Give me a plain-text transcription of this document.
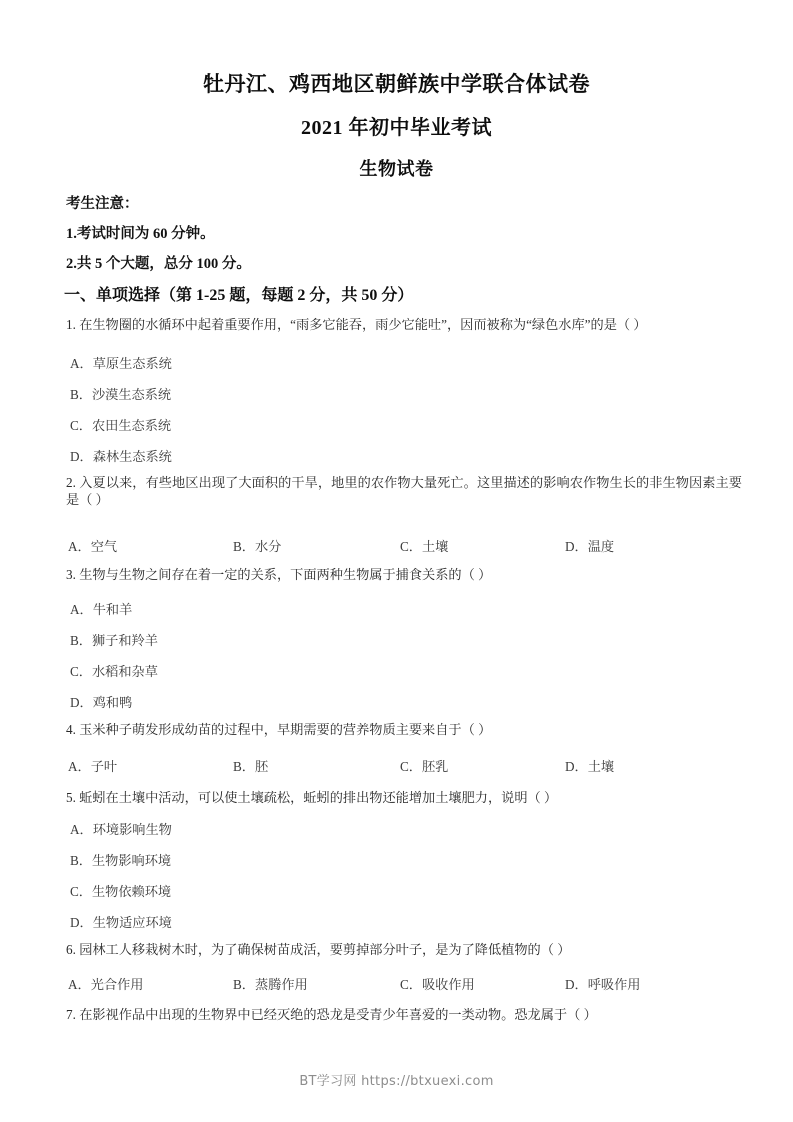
牡丹江、鸡西地区朝鲜族中学联合体试卷
2021 年初中毕业考试
生物试卷
考生注意：
1.考试时间为 60 分钟。
2.共 5 个大题，总分 100 分。
一、单项选择（第 1-25 题，每题 2 分，共 50 分）
1. 在生物圈的水循环中起着重要作用，“雨多它能吞，雨少它能吐”，因而被称为“绿色水库”的是（ ）
A．草原生态系统
B．沙漠生态系统
C．农田生态系统
D．森林生态系统
2. 入夏以来，有些地区出现了大面积的干旱，地里的农作物大量死亡。这里描述的影响农作物生长的非生物因素主要是（ ）
A．空气	B．水分	C．土壤	D．温度
3. 生物与生物之间存在着一定的关系，下面两种生物属于捕食关系的（ ）
A．牛和羊
B．狮子和羚羊
C．水稻和杂草
D．鸡和鸭
4. 玉米种子萌发形成幼苗的过程中，早期需要的营养物质主要来自于（ ）
A．子叶	B．胚	C．胚乳	D．土壤
5. 蚯蚓在土壤中活动，可以使土壤疏松，蚯蚓的排出物还能增加土壤肥力，说明（ ）
A．环境影响生物
B．生物影响环境
C．生物依赖环境
D．生物适应环境
6. 园林工人移栽树木时，为了确保树苗成活，要剪掉部分叶子，是为了降低植物的（ ）
A．光合作用	B．蒸腾作用	C．吸收作用	D．呼吸作用
7. 在影视作品中出现的生物界中已经灭绝的恐龙是受青少年喜爱的一类动物。恐龙属于（ ）
BT学习网 https://btxuexi.com
